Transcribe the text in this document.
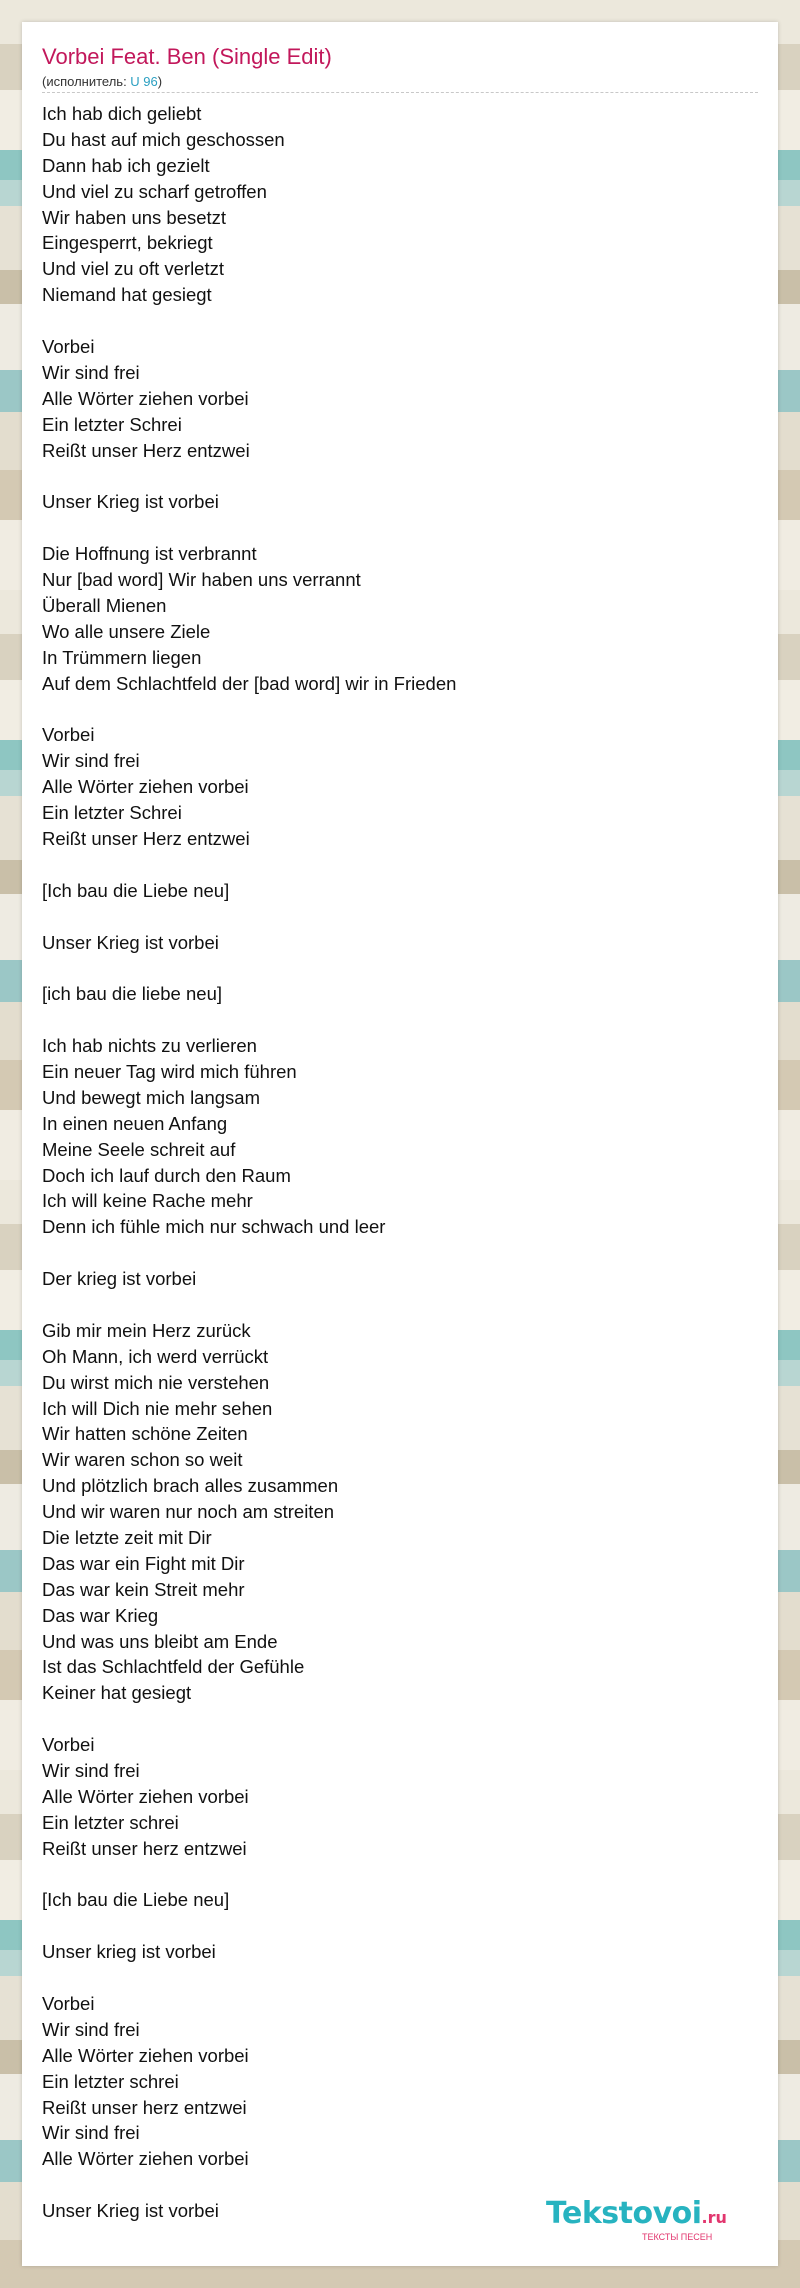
Vorbei Feat. Ben (Single Edit)
(исполнитель: U 96)
Ich hab dich geliebt
Du hast auf mich geschossen
Dann hab ich gezielt
Und viel zu scharf getroffen
Wir haben uns besetzt
Eingesperrt, bekriegt
Und viel zu oft verletzt
Niemand hat gesiegt
Vorbei
Wir sind frei
Alle Wörter ziehen vorbei
Ein letzter Schrei
Reißt unser Herz entzwei
Unser Krieg ist vorbei
Die Hoffnung ist verbrannt
Nur [bad word] Wir haben uns verrannt
Überall Mienen
Wo alle unsere Ziele
In Trümmern liegen
Auf dem Schlachtfeld der [bad word] wir in Frieden
Vorbei
Wir sind frei
Alle Wörter ziehen vorbei
Ein letzter Schrei
Reißt unser Herz entzwei
[Ich bau die Liebe neu]
Unser Krieg ist vorbei
[ich bau die liebe neu]
Ich hab nichts zu verlieren
Ein neuer Tag wird mich führen
Und bewegt mich langsam
In einen neuen Anfang
Meine Seele schreit auf
Doch ich lauf durch den Raum
Ich will keine Rache mehr
Denn ich fühle mich nur schwach und leer
Der krieg ist vorbei
Gib mir mein Herz zurück
Oh Mann, ich werd verrückt
Du wirst mich nie verstehen
Ich will Dich nie mehr sehen
Wir hatten schöne Zeiten
Wir waren schon so weit
Und plötzlich brach alles zusammen
Und wir waren nur noch am streiten
Die letzte zeit mit Dir
Das war ein Fight mit Dir
Das war kein Streit mehr
Das war Krieg
Und was uns bleibt am Ende
Ist das Schlachtfeld der Gefühle
Keiner hat gesiegt
Vorbei
Wir sind frei
Alle Wörter ziehen vorbei
Ein letzter schrei
Reißt unser herz entzwei
[Ich bau die Liebe neu]
Unser krieg ist vorbei
Vorbei
Wir sind frei
Alle Wörter ziehen vorbei
Ein letzter schrei
Reißt unser herz entzwei
Wir sind frei
Alle Wörter ziehen vorbei
Unser Krieg ist vorbei	Tekstovoi.ru
ТЕКСТЫ ПЕСЕН
